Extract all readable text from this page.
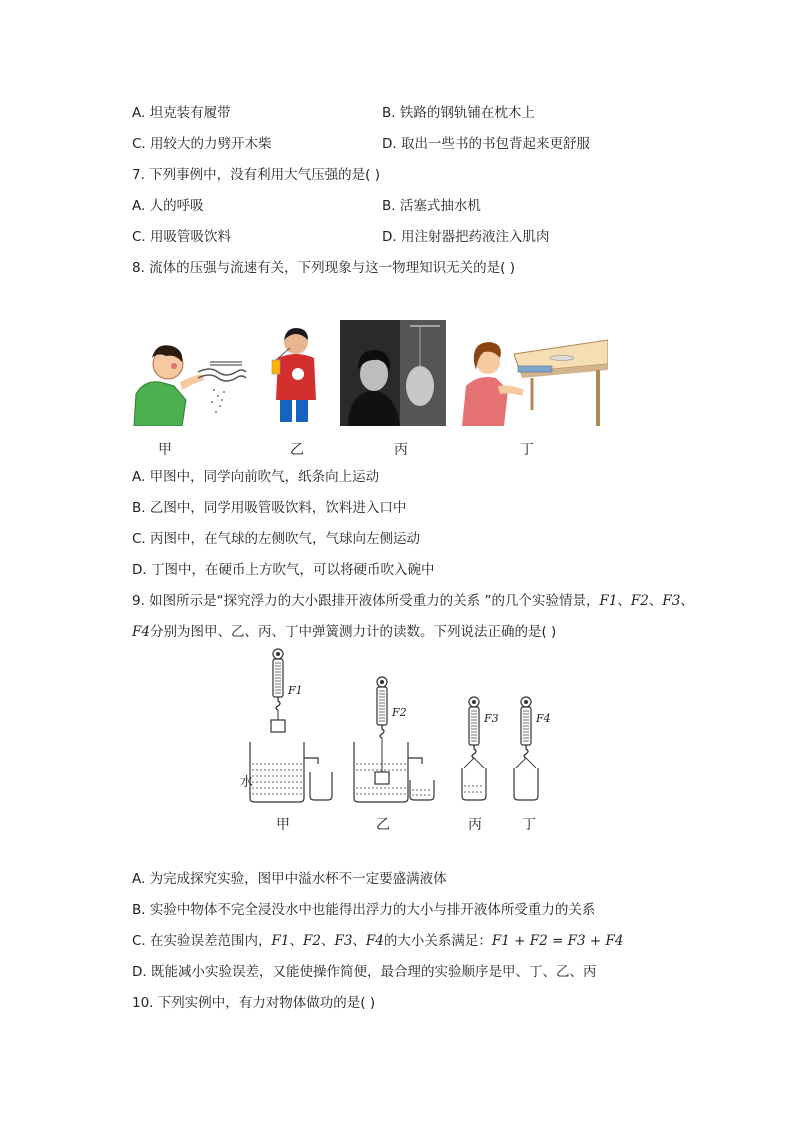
A. 坦克装有履带	B. 铁路的钢轨铺在枕木上
C. 用较大的力劈开木柴	D. 取出一些书的书包背起来更舒服
7. 下列事例中，没有利用大气压强的是( )
A. 人的呼吸	B. 活塞式抽水机
C. 用吸管吸饮料	D. 用注射器把药液注入肌肉
8. 流体的压强与流速有关，下列现象与这一物理知识无关的是( )
甲	乙	丙	丁
A. 甲图中，同学向前吹气，纸条向上运动
B. 乙图中，同学用吸管吸饮料，饮料进入口中
C. 丙图中，在气球的左侧吹气，气球向左侧运动
D. 丁图中，在硬币上方吹气，可以将硬币吹入碗中
9. 如图所示是“探究浮力的大小跟排开液体所受重力的关系 ”的几个实验情景，F1、F2、F3、
F4分别为图甲、乙、丙、丁中弹簧测力计的读数。下列说法正确的是( )
F1
水
F2	F3	F4
甲	乙	丙	丁
A. 为完成探究实验，图甲中溢水杯不一定要盛满液体
B. 实验中物体不完全浸没水中也能得出浮力的大小与排开液体所受重力的关系
C. 在实验误差范围内，F1、F2、F3、F4的大小关系满足：F1 + F2 = F3 + F4
D. 既能减小实验误差，又能使操作简便，最合理的实验顺序是甲、丁、乙、丙
10. 下列实例中，有力对物体做功的是( )
